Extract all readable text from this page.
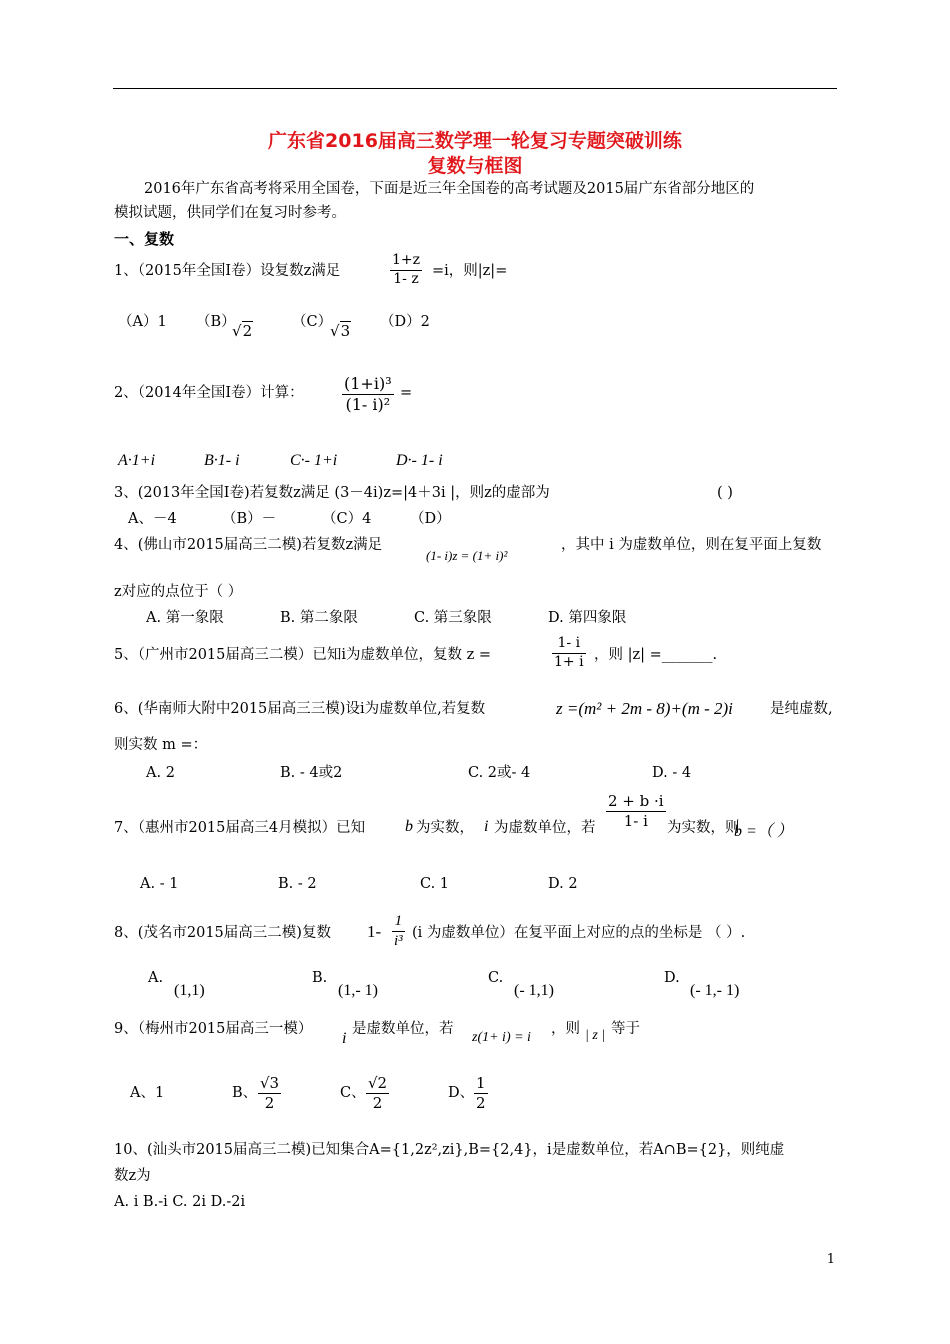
广东省2016届高三数学理一轮复习专题突破训练
复数与框图
2016年广东省高考将采用全国卷，下面是近三年全国卷的高考试题及2015届广东省部分地区的
模拟试题，供同学们在复习时参考。
一、复数
1、（2015年全国Ⅰ卷）设复数z满足	$\frac{1+z}{1- z} =i$，则|z|=
（A）1 （B）
√2	（C）
√3 （D）2
2、（2014年全国Ⅰ卷）计算： $\frac{\text{(1+i)³}}{\text{(1- i)²}}$ =
A·1+i	B·1- i	C·- 1+i	D·- 1- i
3、(2013年全国Ⅰ卷)若复数z满足 (3－4i)z=|4＋3i |，则z的虚部为	( )
A、－4	（B）－	（C）4	（D）
4、(佛山市2015届高三二模)若复数z满足
(1- i)z = (1+ i)²
，其中 i 为虚数单位，则在复平面上复数
z对应的点位于（ ）
A. 第一象限	B. 第二象限	C. 第三象限	D. 第四象限
5、（广州市2015届高三二模）已知i为虚数单位，复数 z =	$\frac{1- i}{1+ i}$ ，则 |z| =_______.
6、(华南师大附中2015届高三三模)设i为虚数单位,若复数	z =(m² + 2m - 8)+(m - 2)i	是纯虚数,
则实数 m =：
A. 2	B. - 4或2	C. 2或- 4	D. - 4
7、（惠州市2015届高三4月模拟）已知 b 为实数， i 为虚数单位，若 $\frac{2 + b \cdot i}{1- i}$ 为实数，则
b =（ ）
A. - 1	B. - 2	C. 1	D. 2
8、(茂名市2015届高三二模)复数 $1- \frac{1}{\text{i³}} (i$ 为虚数单位）在复平面上对应的点的坐标是 （ ）.
A.
(1,1)
B.
(1,- 1)
C.
(- 1,1)
D.
(- 1,- 1)
9、（梅州市2015届高三一模）
i
是虚数单位，若
z(1+ i) = i
，则 | z | 等于
A、1	B、 $\frac{√3}{2}$	C、 $\frac{√2}{2}$	D、 $\frac{1}{2}$
10、(汕头市2015届高三二模)已知集合A={1,2z²,zi},B={2,4}，i是虚数单位，若A∩B={2}，则纯虚
数z为
A. i B.-i C. 2i D.-2i
1
